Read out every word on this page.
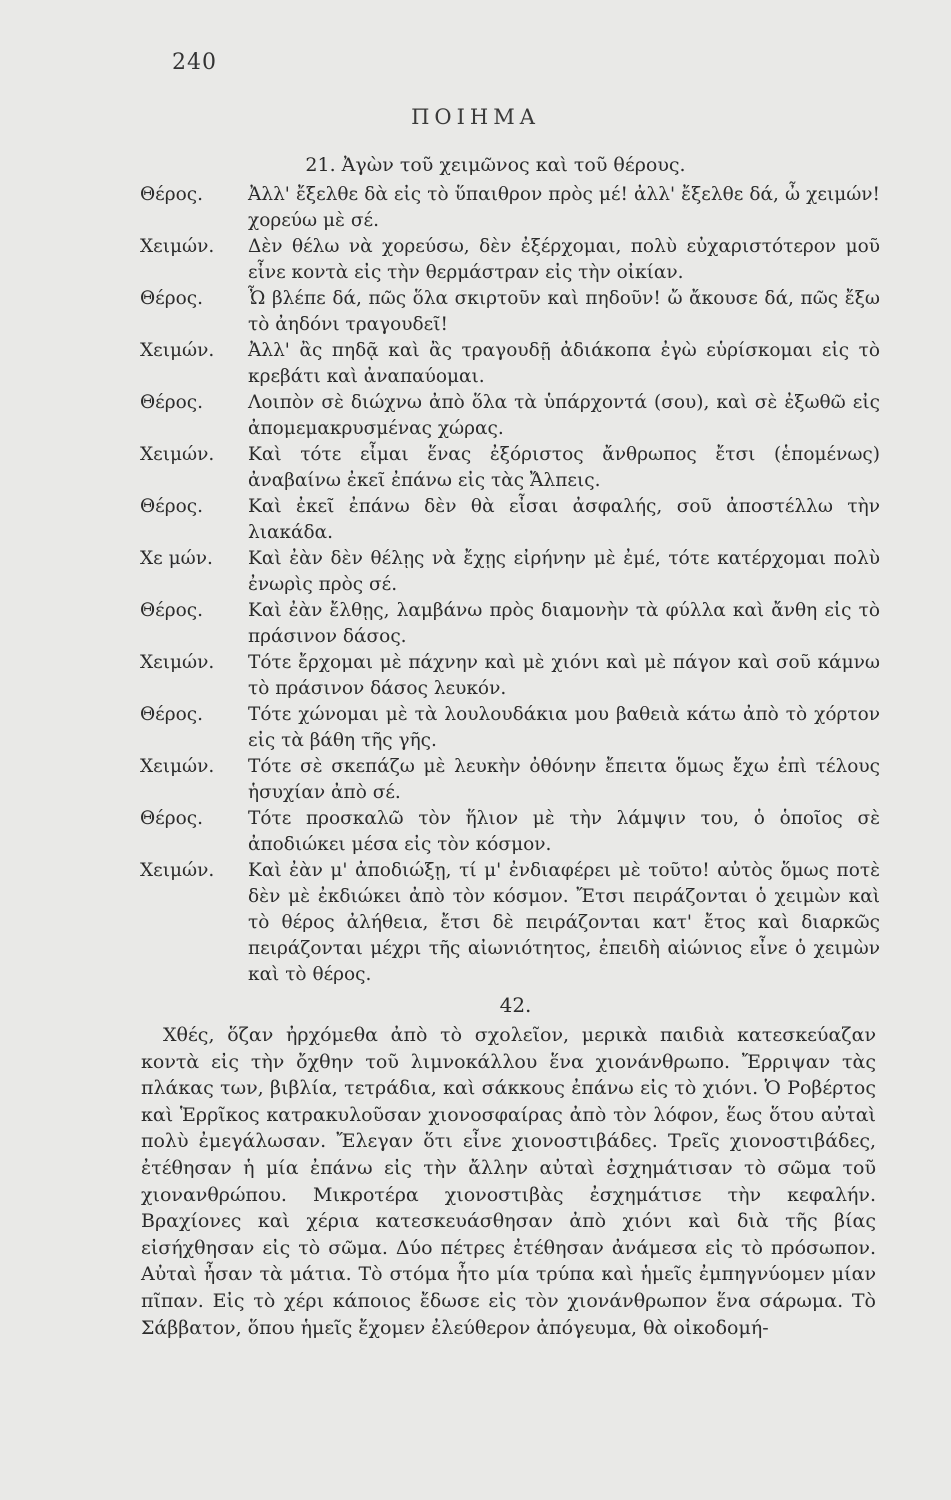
240
ΠΟΙΗΜΑ
21. Ἀγὼν τοῦ χειμῶνος καὶ τοῦ θέρους.
Θέρος.	Ἀλλ' ἔξελθε δὰ εἰς τὸ ὕπαιθρον πρὸς μέ! ἀλλ' ἔξελθε δά, ὦ χειμών! χορεύω μὲ σέ.
Χειμών.	Δὲν θέλω νὰ χορεύσω, δὲν ἐξέρχομαι, πολὺ εὐχαριστότερον μοῦ εἶνε κοντὰ εἰς τὴν θερμάστραν εἰς τὴν οἰκίαν.
Θέρος.	Ὦ βλέπε δά, πῶς ὅλα σκιρτοῦν καὶ πηδοῦν! ὤ ἄκουσε δά, πῶς ἔξω τὸ ἀηδόνι τραγουδεῖ!
Χειμών.	Ἀλλ' ἂς πηδᾷ καὶ ἂς τραγουδῇ ἀδιάκοπα ἐγὼ εὑρίσκομαι εἰς τὸ κρεβάτι καὶ ἀναπαύομαι.
Θέρος.	Λοιπὸν σὲ διώχνω ἀπὸ ὅλα τὰ ὑπάρχοντά (σου), καὶ σὲ ἐξωθῶ εἰς ἀπομεμακρυσμένας χώρας.
Χειμών.	Καὶ τότε εἶμαι ἕνας ἐξόριστος ἄνθρωπος ἔτσι (ἑπομένως) ἀναβαίνω ἐκεῖ ἐπάνω εἰς τὰς Ἄλπεις.
Θέρος.	Καὶ ἐκεῖ ἐπάνω δὲν θὰ εἶσαι ἀσφαλής, σοῦ ἀποστέλλω τὴν λιακάδα.
Χε μών.	Καὶ ἐὰν δὲν θέλῃς νὰ ἔχῃς εἰρήνην μὲ ἐμέ, τότε κατέρχομαι πολὺ ἐνωρὶς πρὸς σέ.
Θέρος.	Καὶ ἐὰν ἔλθῃς, λαμβάνω πρὸς διαμονὴν τὰ φύλλα καὶ ἄνθη εἰς τὸ πράσινον δάσος.
Χειμών.	Τότε ἔρχομαι μὲ πάχνην καὶ μὲ χιόνι καὶ μὲ πάγον καὶ σοῦ κάμνω τὸ πράσινον δάσος λευκόν.
Θέρος.	Τότε χώνομαι μὲ τὰ λουλουδάκια μου βαθειὰ κάτω ἀπὸ τὸ χόρτον εἰς τὰ βάθη τῆς γῆς.
Χειμών.	Τότε σὲ σκεπάζω μὲ λευκὴν ὀθόνην ἔπειτα ὅμως ἔχω ἐπὶ τέλους ἡσυχίαν ἀπὸ σέ.
Θέρος.	Τότε προσκαλῶ τὸν ἥλιον μὲ τὴν λάμψιν του, ὁ ὁποῖος σὲ ἀποδιώκει μέσα εἰς τὸν κόσμον.
Χειμών.	Καὶ ἐὰν μ' ἀποδιώξῃ, τί μ' ἐνδιαφέρει μὲ τοῦτο! αὐτὸς ὅμως ποτὲ δὲν μὲ ἐκδιώκει ἀπὸ τὸν κόσμον. Ἔτσι πειράζονται ὁ χειμὼν καὶ τὸ θέρος ἀλήθεια, ἔτσι δὲ πειράζονται κατ' ἔτος καὶ διαρκῶς πειράζονται μέχρι τῆς αἰωνιότητος, ἐπειδὴ αἰώνιος εἶνε ὁ χειμὼν καὶ τὸ θέρος.
42.

Χθές, ὅζαν ἠρχόμεθα ἀπὸ τὸ σχολεῖον, μερικὰ παιδιὰ κατεσκεύαζαν κοντὰ εἰς τὴν ὄχθην τοῦ λιμνοκάλλου ἕνα χιονάνθρωπο. Ἔρριψαν τὰς πλάκας των, βιβλία, τετράδια, καὶ σάκκους ἐπάνω εἰς τὸ χιόνι. Ὁ Ροβέρτος καὶ Ἑρρῖκος κατρακυλοῦσαν χιονοσφαίρας ἀπὸ τὸν λόφον, ἕως ὅτου αὐταὶ πολὺ ἐμεγάλωσαν. Ἔλεγαν ὅτι εἶνε χιονοστιβάδες. Τρεῖς χιονοστιβάδες, ἐτέθησαν ἡ μία ἐπάνω εἰς τὴν ἄλλην αὐταὶ ἐσχημάτισαν τὸ σῶμα τοῦ χιονανθρώπου. Μικροτέρα χιονοστιβὰς ἐσχημάτισε τὴν κεφαλήν. Βραχίονες καὶ χέρια κατεσκευάσθησαν ἀπὸ χιόνι καὶ διὰ τῆς βίας εἰσήχθησαν εἰς τὸ σῶμα. Δύο πέτρες ἐτέθησαν ἀνάμεσα εἰς τὸ πρόσωπον. Αὐταὶ ἦσαν τὰ μάτια. Τὸ στόμα ἦτο μία τρύπα καὶ ἡμεῖς ἐμπηγνύομεν μίαν πῖπαν. Εἰς τὸ χέρι κάποιος ἔδωσε εἰς τὸν χιονάνθρωπον ἕνα σάρωμα. Τὸ Σάββατον, ὅπου ἡμεῖς ἔχομεν ἐλεύθερον ἀπόγευμα, θὰ οἰκοδομή-
